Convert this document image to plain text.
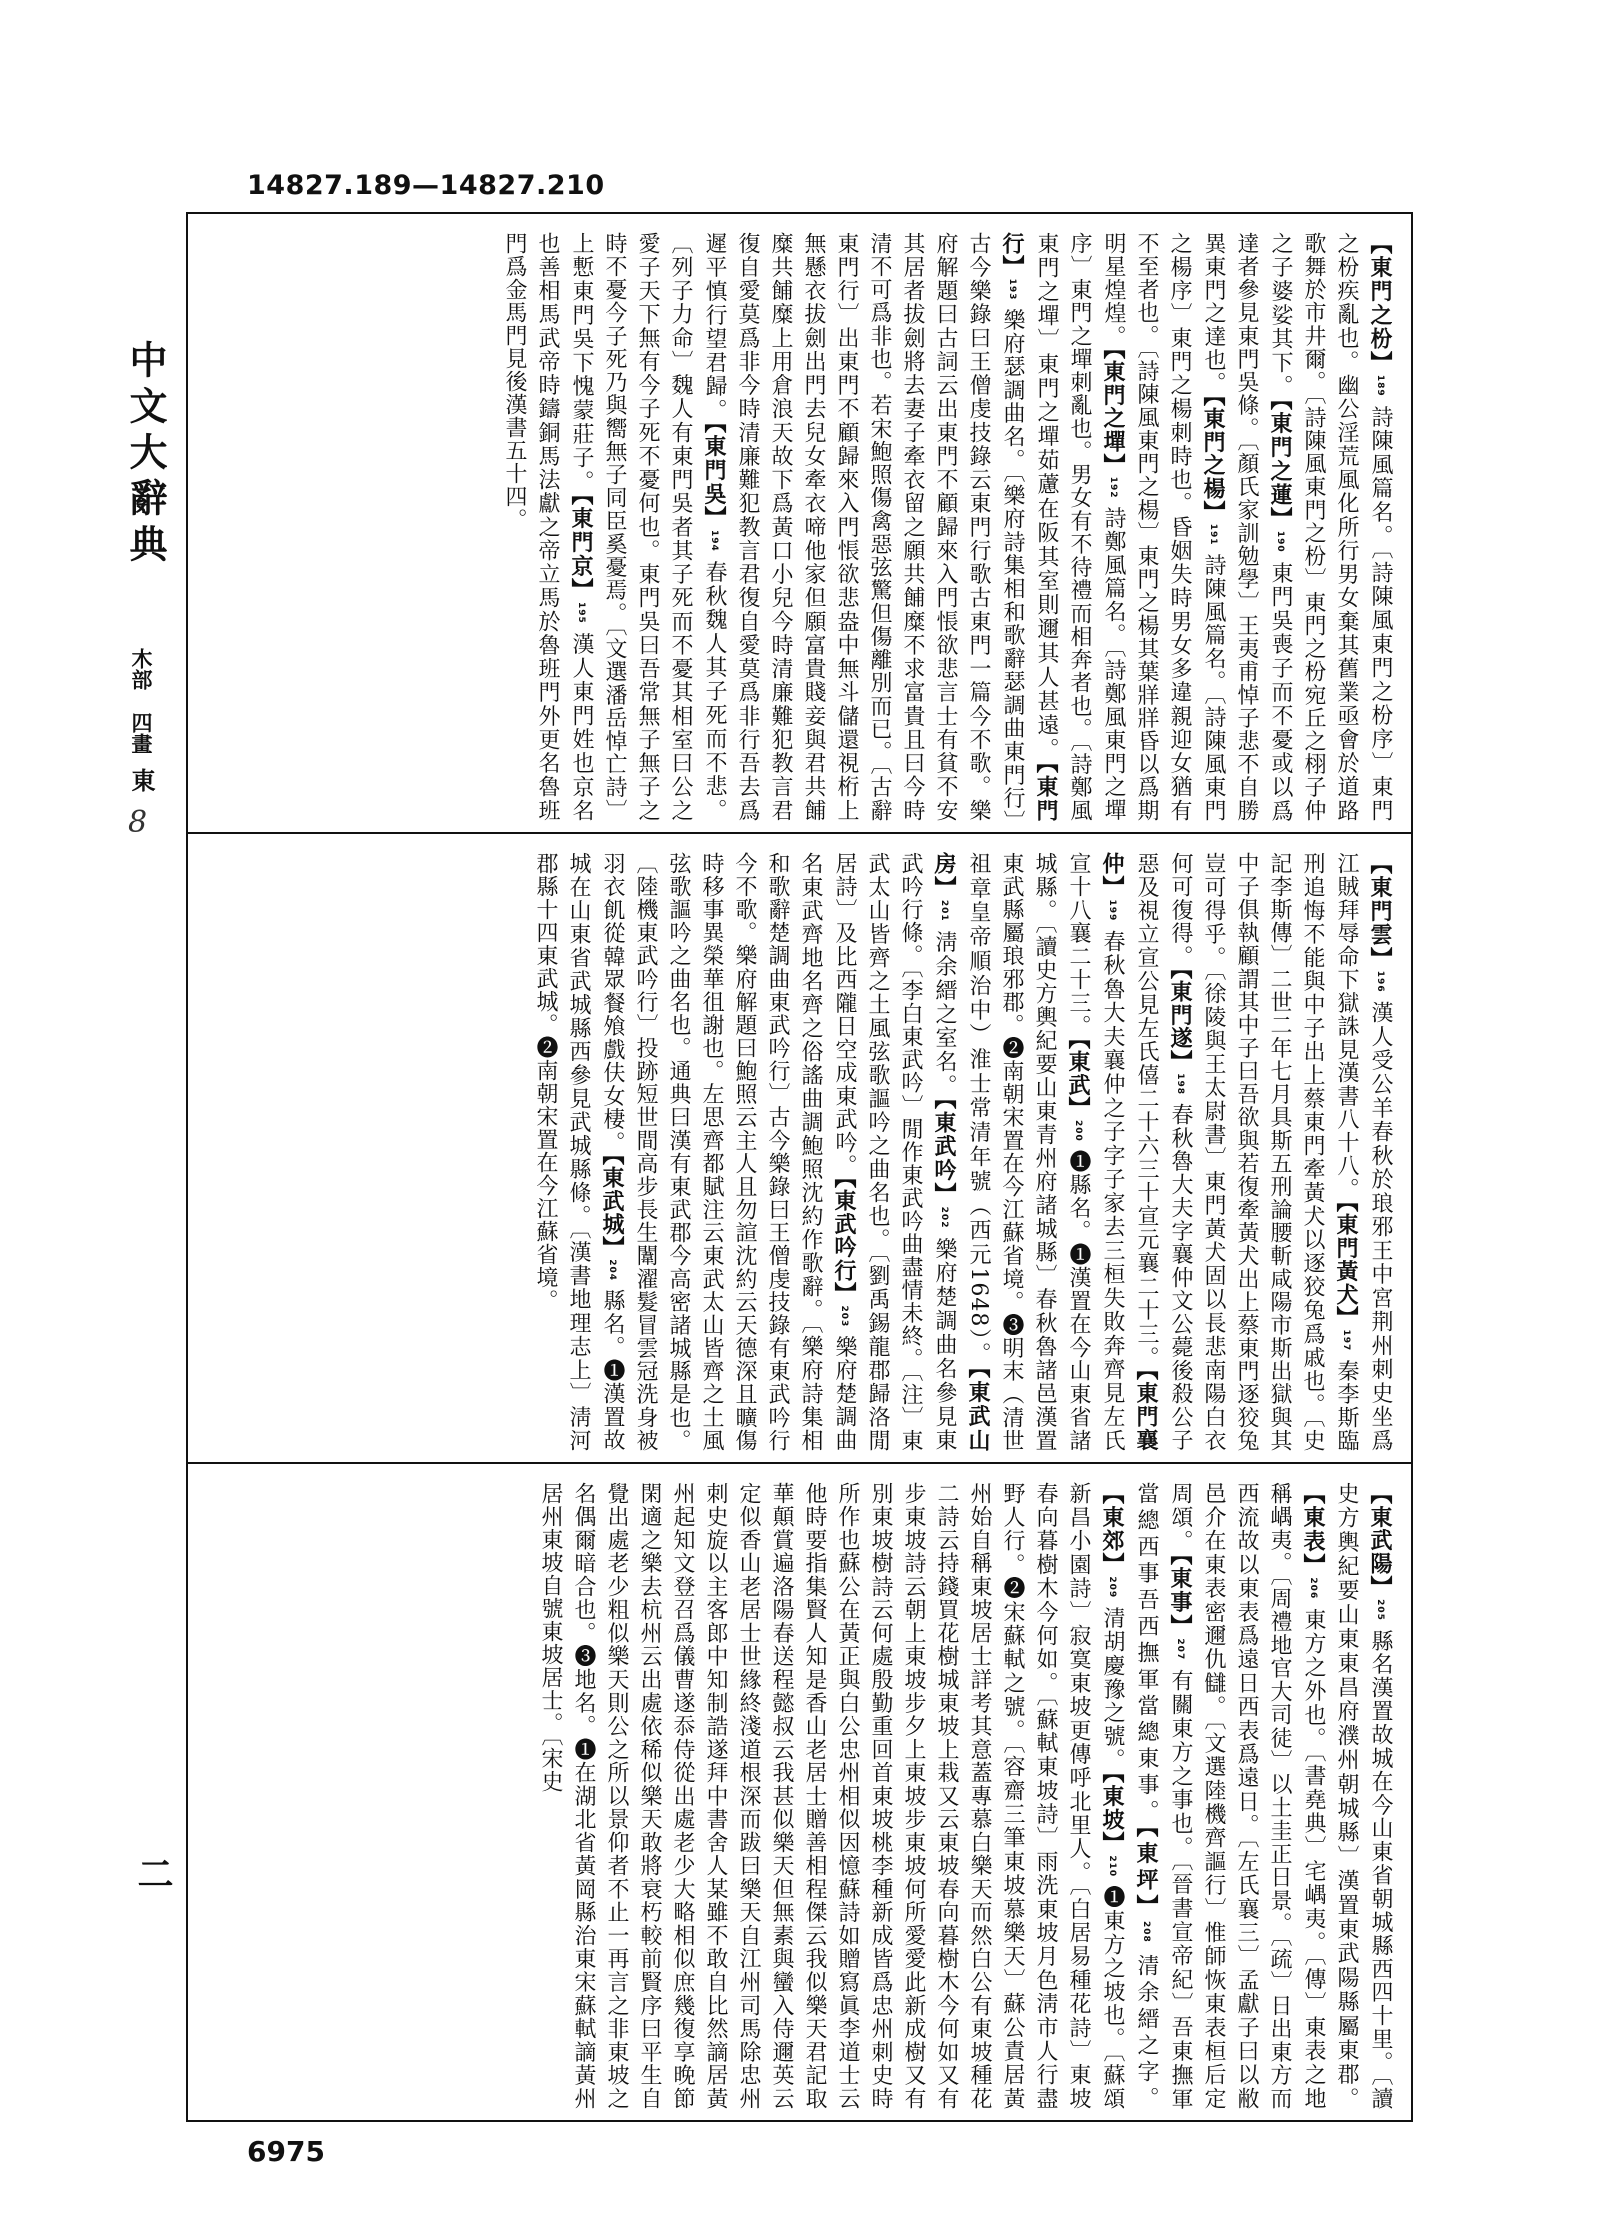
14827.189—14827.210
中文大辭典
木部
四畫
東
8
二
【東門之枌】189 詩陳風篇名。〔詩陳風東門之枌序〕東門之枌疾亂也。幽公淫荒風化所行男女棄其舊業亟會於道路歌舞於市井爾。〔詩陳風東門之枌〕東門之枌宛丘之栩子仲之子婆娑其下。【東門之蓮】190 東門吳喪子而不憂或以爲達者參見東門吳條。〔顏氏家訓勉學〕王夷甫悼子悲不自勝異東門之達也。【東門之楊】191 詩陳風篇名。〔詩陳風東門之楊序〕東門之楊刺時也。昏姻失時男女多違親迎女猶有不至者也。〔詩陳風東門之楊〕東門之楊其葉牂牂昏以爲期明星煌煌。【東門之墠】192 詩鄭風篇名。〔詩鄭風東門之墠序〕東門之墠刺亂也。男女有不待禮而相奔者也。〔詩鄭風東門之墠〕東門之墠茹藘在阪其室則邇其人甚遠。【東門行】193 樂府瑟調曲名。〔樂府詩集相和歌辭瑟調曲東門行〕古今樂錄曰王僧虔技錄云東門行歌古東門一篇今不歌。樂府解題曰古詞云出東門不顧歸來入門悵欲悲言士有貧不安其居者拔劍將去妻子牽衣留之願共餔糜不求富貴且曰今時清不可爲非也。若宋鮑照傷禽惡弦驚但傷離別而已。〔古辭東門行〕出東門不顧歸來入門悵欲悲盎中無斗儲還視桁上無懸衣拔劍出門去兒女牽衣啼他家但願富貴賤妾與君共餔糜共餔糜上用倉浪天故下爲黃口小兒今時清廉難犯教言君復自愛莫爲非今時清廉難犯教言君復自愛莫爲非行吾去爲遲平慎行望君歸。【東門吳】194 春秋魏人其子死而不悲。〔列子力命〕魏人有東門吳者其子死而不憂其相室曰公之愛子天下無有今子死不憂何也。東門吳曰吾常無子無子之時不憂今子死乃與嚮無子同臣奚憂焉。〔文選潘岳悼亡詩〕上慙東門吳下愧蒙莊子。【東門京】195 漢人東門姓也京名也善相馬武帝時鑄銅馬法獻之帝立馬於魯班門外更名魯班門爲金馬門見後漢書五十四。
【東門雲】196 漢人受公羊春秋於琅邪王中宮荆州刺史坐爲江賊拜辱命下獄誅見漢書八十八。【東門黃犬】197 秦李斯臨刑追悔不能與中子出上蔡東門牽黃犬以逐狡兔爲戚也。〔史記李斯傳〕二世二年七月具斯五刑論腰斬咸陽市斯出獄與其中子俱執顧謂其中子曰吾欲與若復牽黃犬出上蔡東門逐狡兔豈可得乎。〔徐陵與王太尉書〕東門黃犬固以長悲南陽白衣何可復得。【東門遂】198 春秋魯大夫字襄仲文公薨後殺公子惡及視立宣公見左氏僖二十六三十宣元襄二十三。【東門襄仲】199 春秋魯大夫襄仲之子字子家去三桓失敗奔齊見左氏宣十八襄二十三。【東武】200 ❶縣名。❶漢置在今山東省諸城縣。〔讀史方輿紀要山東青州府諸城縣〕春秋魯諸邑漢置東武縣屬琅邪郡。❷南朝宋置在今江蘇省境。❸明末（清世祖章皇帝順治中）淮士常清年號（西元1648）。【東武山房】201 淸余縉之室名。【東武吟】202 樂府楚調曲名參見東武吟行條。〔李白東武吟〕閒作東武吟曲盡情未終。〔注〕東武太山皆齊之土風弦歌謳吟之曲名也。〔劉禹錫龍郡歸洛閒居詩〕及比西隴日空成東武吟。【東武吟行】203 樂府楚調曲名東武齊地名齊之俗謠曲調鮑照沈約作歌辭。〔樂府詩集相和歌辭楚調曲東武吟行〕古今樂錄曰王僧虔技錄有東武吟行今不歌。樂府解題曰鮑照云主人且勿諠沈約云天德深且曠傷時移事異榮華徂謝也。左思齊都賦注云東武太山皆齊之土風弦歌謳吟之曲名也。通典曰漢有東武郡今高密諸城縣是也。〔陸機東武吟行〕投跡短世間高步長生闈濯髮冒雲冠洗身被羽衣飢從韓眾餐飧戲伕女棲。【東武城】204 縣名。❶漢置故城在山東省武城縣西參見武城縣條。〔漢書地理志上〕淸河郡縣十四東武城。❷南朝宋置在今江蘇省境。
【東武陽】205 縣名漢置故城在今山東省朝城縣西四十里。〔讀史方輿紀要山東東昌府濮州朝城縣〕漢置東武陽縣屬東郡。【東表】206 東方之外也。〔書堯典〕宅嵎夷。〔傳〕東表之地稱嵎夷。〔周禮地官大司徒〕以土圭正日景。〔疏〕日出東方而西流故以東表爲遠日西表爲遠日。〔左氏襄三〕孟獻子曰以敝邑介在東表密邇仇讎。〔文選陸機齊謳行〕惟師恢東表桓后定周頌。【東事】207 有關東方之事也。〔晉書宣帝紀〕吾東撫軍當總西事吾西撫軍當總東事。【東坪】208 清余縉之字。【東郊】209 清胡慶豫之號。【東坡】210 ❶東方之坡也。〔蘇頌新昌小園詩〕寂寞東坡更傳呼北里人。〔白居易種花詩〕東坡春向暮樹木今何如。〔蘇軾東坡詩〕雨洗東坡月色淸市人行盡野人行。❷宋蘇軾之號。〔容齋三筆東坡慕樂天〕蘇公責居黃州始自稱東坡居士詳考其意蓋專慕白樂天而然白公有東坡種花二詩云持錢買花樹城東坡上栽又云東坡春向暮樹木今何如又有步東坡詩云朝上東坡步夕上東坡步東坡何所愛愛此新成樹又有別東坡樹詩云何處殷勤重回首東坡桃李種新成皆爲忠州刺史時所作也蘇公在黃正與白公忠州相似因憶蘇詩如贈寫眞李道士云他時要指集賢人知是香山老居士贈善相程傑云我似樂天君記取華顛賞遍洛陽春送程懿叔云我甚似樂天但無素與蠻入侍邇英云定似香山老居士世緣終淺道根深而跋曰樂天自江州司馬除忠州刺史旋以主客郎中知制誥遂拜中書舍人某雖不敢自比然謫居黃州起知文登召爲儀曹遂忝侍從出處老少大略相似庶幾復享晚節閑適之樂去杭州云出處依稀似樂天敢將衰朽較前賢序曰平生自覺出處老少粗似樂天則公之所以景仰者不止一再言之非東坡之名偶爾暗合也。❸地名。❶在湖北省黃岡縣治東宋蘇軾謫黃州居州東坡自號東坡居士。〔宋史
6975
